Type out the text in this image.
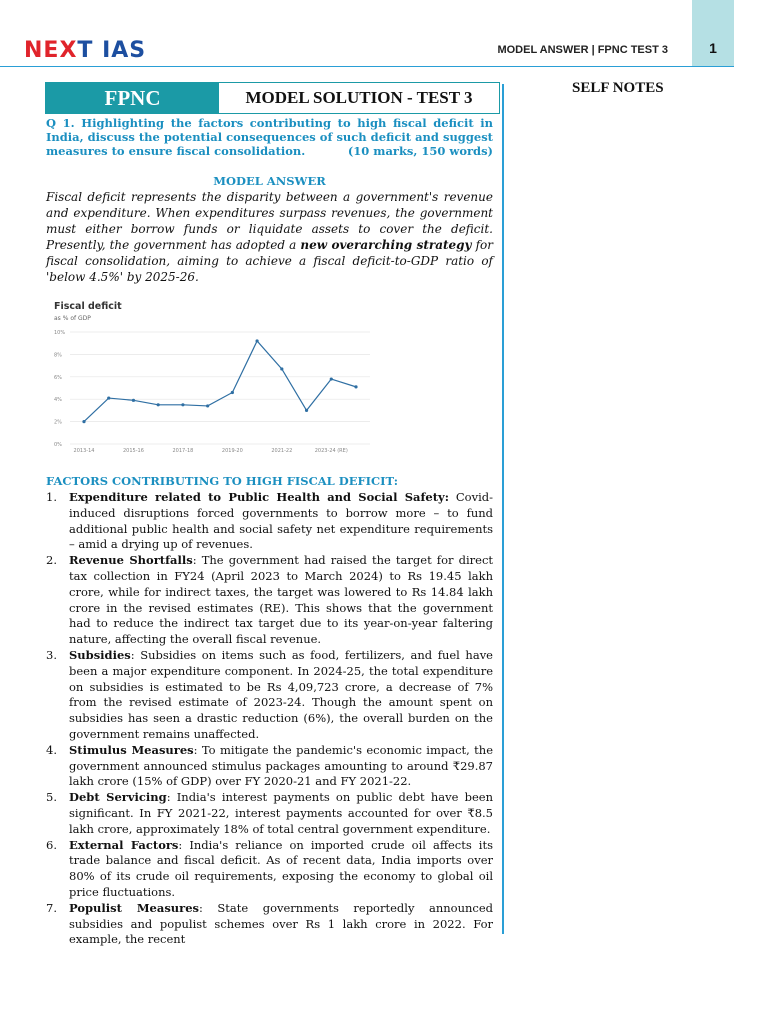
NEXT IAS	MODEL ANSWER | FPNC TEST 3	1
SELF NOTES
FPNC	MODEL SOLUTION - TEST 3
Q 1. Highlighting the factors contributing to high fiscal deficit in India, discuss the potential consequences of such deficit and suggest measures to ensure fiscal consolidation.	(10 marks, 150 words)
MODEL ANSWER
Fiscal deficit represents the disparity between a government's revenue and expenditure. When expenditures surpass revenues, the government must either borrow funds or liquidate assets to cover the deficit. Presently, the government has adopted a new overarching strategy for fiscal consolidation, aiming to achieve a fiscal deficit-to-GDP ratio of 'below 4.5%' by 2025-26.
Fiscal deficit
as % of GDP
0%
2%
4%
6%
8%
10%
2013-14	2015-16	2017-18	2019-20	2021-22	2023-24 (RE)
FACTORS CONTRIBUTING TO HIGH FISCAL DEFICIT:
1.	Expenditure related to Public Health and Social Safety: Covid-induced disruptions forced governments to borrow more – to fund additional public health and social safety net expenditure requirements – amid a drying up of revenues.
2.	Revenue Shortfalls: The government had raised the target for direct tax collection in FY24 (April 2023 to March 2024) to Rs 19.45 lakh crore, while for indirect taxes, the target was lowered to Rs 14.84 lakh crore in the revised estimates (RE). This shows that the government had to reduce the indirect tax target due to its year-on-year faltering nature, affecting the overall fiscal revenue.
3.	Subsidies: Subsidies on items such as food, fertilizers, and fuel have been a major expenditure component. In 2024-25, the total expenditure on subsidies is estimated to be Rs 4,09,723 crore, a decrease of 7% from the revised estimate of 2023-24. Though the amount spent on subsidies has seen a drastic reduction (6%), the overall burden on the government remains unaffected.
4.	Stimulus Measures: To mitigate the pandemic's economic impact, the government announced stimulus packages amounting to around ₹29.87 lakh crore (15% of GDP) over FY 2020-21 and FY 2021-22.
5.	Debt Servicing: India's interest payments on public debt have been significant. In FY 2021-22, interest payments accounted for over ₹8.5 lakh crore, approximately 18% of total central government expenditure.
6.	External Factors: India's reliance on imported crude oil affects its trade balance and fiscal deficit. As of recent data, India imports over 80% of its crude oil requirements, exposing the economy to global oil price fluctuations.
7.	Populist Measures: State governments reportedly announced subsidies and populist schemes over Rs 1 lakh crore in 2022. For example, the recent
